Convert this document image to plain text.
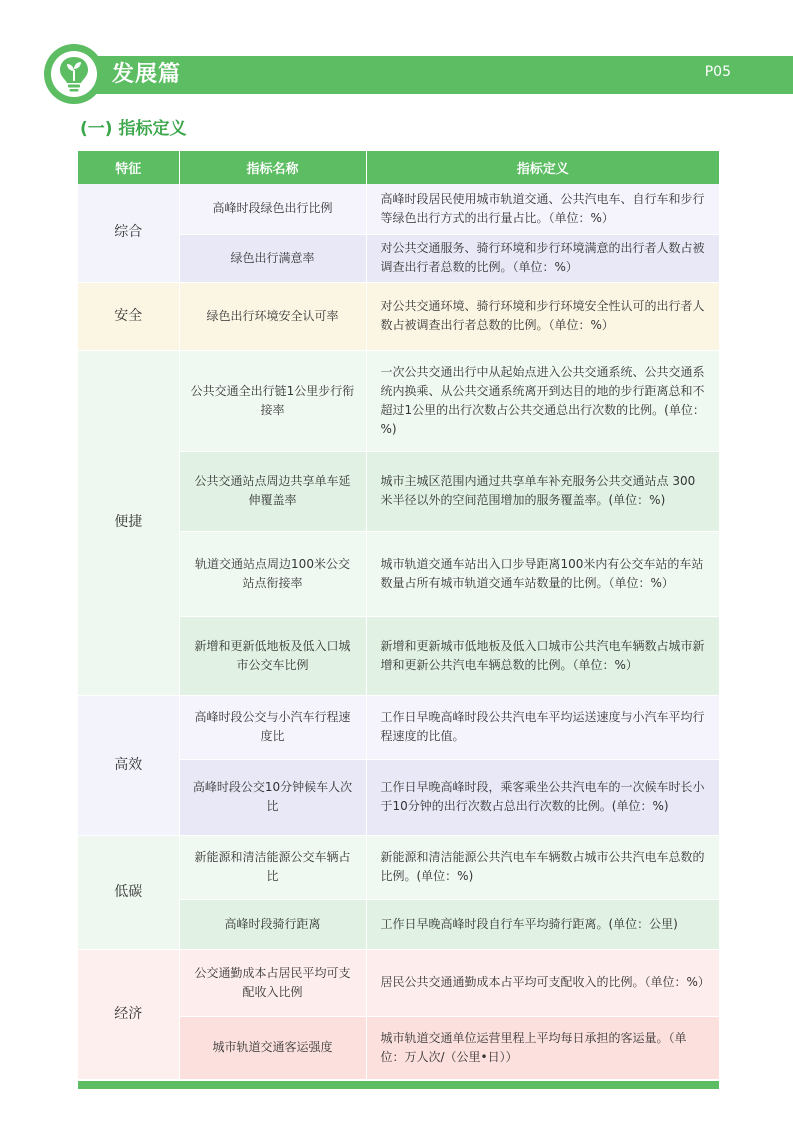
发展篇	P05
(一) 指标定义
特征	指标名称	指标定义
综合	高峰时段绿色出行比例	高峰时段居民使用城市轨道交通、公共汽电车、自行车和步行等绿色出行方式的出行量占比。（单位：%）
	绿色出行满意率	对公共交通服务、骑行环境和步行环境满意的出行者人数占被调查出行者总数的比例。（单位：%）
安全	绿色出行环境安全认可率	对公共交通环境、骑行环境和步行环境安全性认可的出行者人数占被调查出行者总数的比例。（单位：%）
便捷	公共交通全出行链1公里步行衔接率	一次公共交通出行中从起始点进入公共交通系统、公共交通系统内换乘、从公共交通系统离开到达目的地的步行距离总和不超过1公里的出行次数占公共交通总出行次数的比例。(单位：%)
	公共交通站点周边共享单车延伸覆盖率	城市主城区范围内通过共享单车补充服务公共交通站点 300米半径以外的空间范围增加的服务覆盖率。(单位：%)
	轨道交通站点周边100米公交站点衔接率	城市轨道交通车站出入口步导距离100米内有公交车站的车站数量占所有城市轨道交通车站数量的比例。（单位：%）
	新增和更新低地板及低入口城市公交车比例	新增和更新城市低地板及低入口城市公共汽电车辆数占城市新增和更新公共汽电车辆总数的比例。（单位：%）
高效	高峰时段公交与小汽车行程速度比	工作日早晚高峰时段公共汽电车平均运送速度与小汽车平均行程速度的比值。
	高峰时段公交10分钟候车人次比	工作日早晚高峰时段，乘客乘坐公共汽电车的一次候车时长小于10分钟的出行次数占总出行次数的比例。(单位：%)
低碳	新能源和清洁能源公交车辆占比	新能源和清洁能源公共汽电车车辆数占城市公共汽电车总数的比例。(单位：%)
	高峰时段骑行距离	工作日早晚高峰时段自行车平均骑行距离。(单位：公里)
经济	公交通勤成本占居民平均可支配收入比例	居民公共交通通勤成本占平均可支配收入的比例。（单位：%）
	城市轨道交通客运强度	城市轨道交通单位运营里程上平均每日承担的客运量。（单位：万人次/（公里•日））
